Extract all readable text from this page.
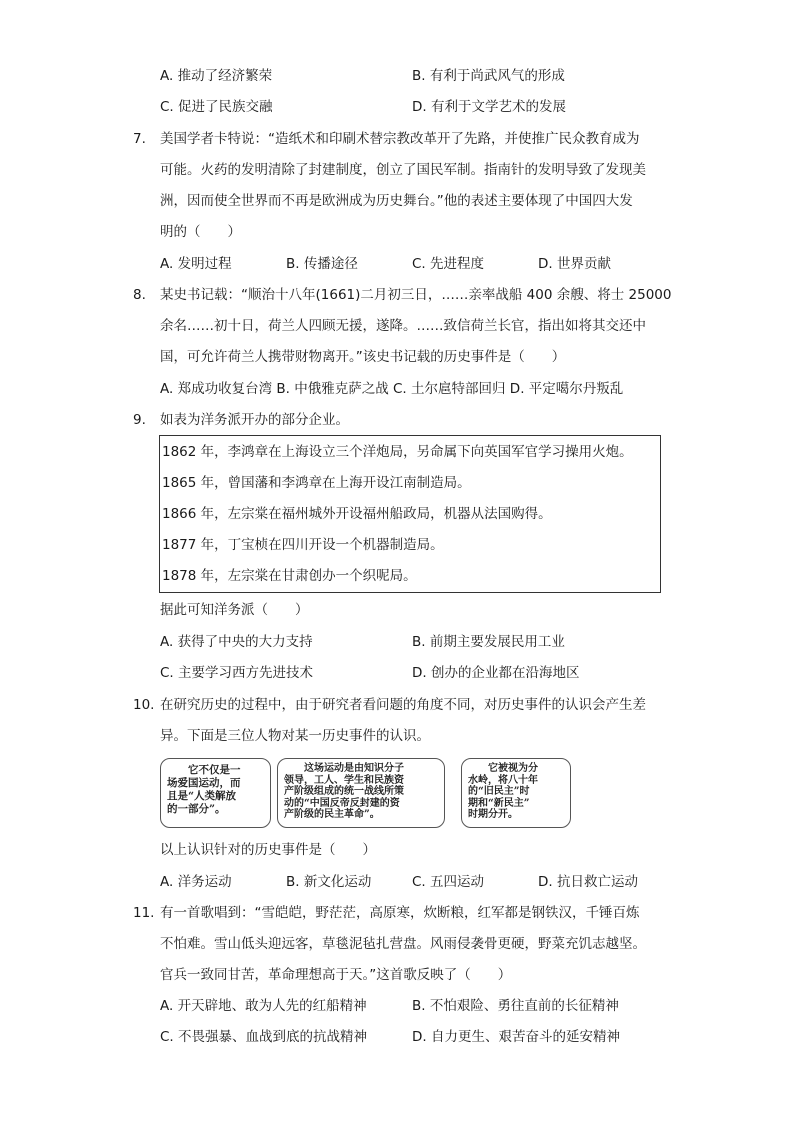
A. 推动了经济繁荣	B. 有利于尚武风气的形成
C. 促进了民族交融	D. 有利于文学艺术的发展
7.	美国学者卡特说：“造纸术和印刷术替宗教改革开了先路，并使推广民众教育成为
可能。火药的发明清除了封建制度，创立了国民军制。指南针的发明导致了发现美
洲，因而使全世界而不再是欧洲成为历史舞台。”他的表述主要体现了中国四大发
明的（　　）
A. 发明过程	B. 传播途径	C. 先进程度	D. 世界贡献
8.	某史书记载：“顺治十八年(1661)二月初三日，……亲率战船 400 余艘、将士 25000
余名……初十日，荷兰人四顾无援，遂降。……致信荷兰长官，指出如将其交还中
国，可允许荷兰人携带财物离开。”该史书记载的历史事件是（　　）
A. 郑成功收复台湾 B. 中俄雅克萨之战 C. 土尔扈特部回归 D. 平定噶尔丹叛乱
9.	如表为洋务派开办的部分企业。
1862 年，李鸿章在上海设立三个洋炮局，另命属下向英国军官学习操用火炮。
1865 年，曾国藩和李鸿章在上海开设江南制造局。
1866 年，左宗棠在福州城外开设福州船政局，机器从法国购得。
1877 年，丁宝桢在四川开设一个机器制造局。
1878 年，左宗棠在甘肃创办一个织呢局。
据此可知洋务派（　　）
A. 获得了中央的大力支持	B. 前期主要发展民用工业
C. 主要学习西方先进技术	D. 创办的企业都在沿海地区
10. 在研究历史的过程中，由于研究者看问题的角度不同，对历史事件的认识会产生差
异。下面是三位人物对某一历史事件的认识。
　　它不仅是一
场爱国运动，而
且是“人类解放
的一部分”。
　　这场运动是由知识分子
领导，工人、学生和民族资
产阶级组成的统一战线所策
动的“中国反帝反封建的资
产阶级的民主革命”。
　　它被视为分
水岭，将八十年
的“旧民主”时
期和“新民主”
时期分开。
以上认识针对的历史事件是（　　）
A. 洋务运动	B. 新文化运动	C. 五四运动	D. 抗日救亡运动
11. 有一首歌唱到：“雪皑皑，野茫茫，高原寒，炊断粮，红军都是钢铁汉，千锤百炼
不怕难。雪山低头迎远客，草毯泥毡扎营盘。风雨侵袭骨更硬，野菜充饥志越坚。
官兵一致同甘苦，革命理想高于天。”这首歌反映了（　　）
A. 开天辟地、敢为人先的红船精神	B. 不怕艰险、勇往直前的长征精神
C. 不畏强暴、血战到底的抗战精神	D. 自力更生、艰苦奋斗的延安精神
